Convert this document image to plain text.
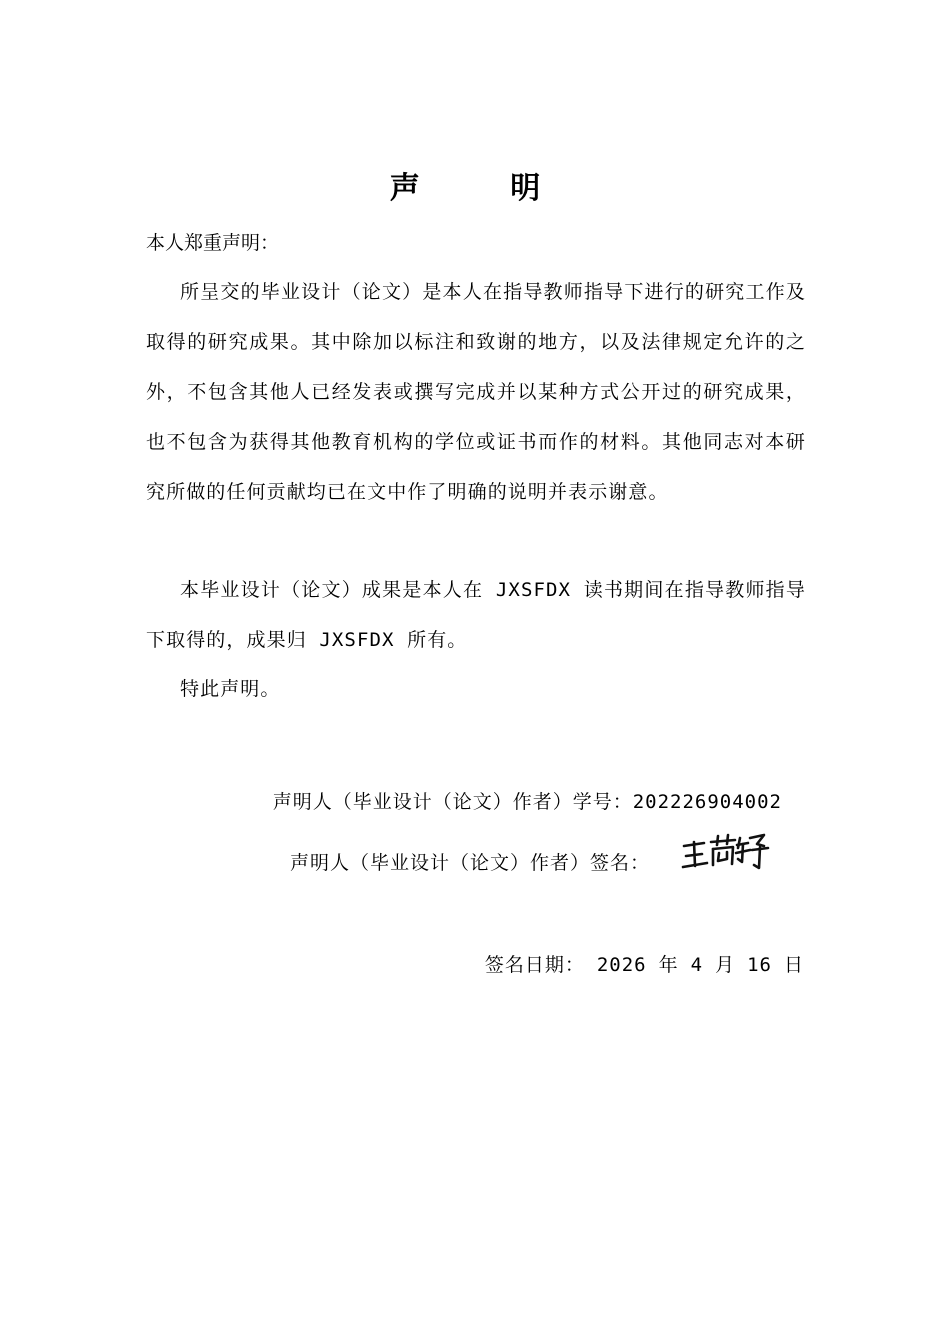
声 明
本人郑重声明：
所呈交的毕业设计（论文）是本人在指导教师指导下进行的研究工作及取得的研究成果。其中除加以标注和致谢的地方，以及法律规定允许的之外，不包含其他人已经发表或撰写完成并以某种方式公开过的研究成果，也不包含为获得其他教育机构的学位或证书而作的材料。其他同志对本研究所做的任何贡献均已在文中作了明确的说明并表示谢意。
本毕业设计（论文）成果是本人在 JXSFDX 读书期间在指导教师指导下取得的，成果归 JXSFDX 所有。
特此声明。
声明人（毕业设计（论文）作者）学号：202226904002
声明人（毕业设计（论文）作者）签名：
签名日期： 2026 年 4 月 16 日
